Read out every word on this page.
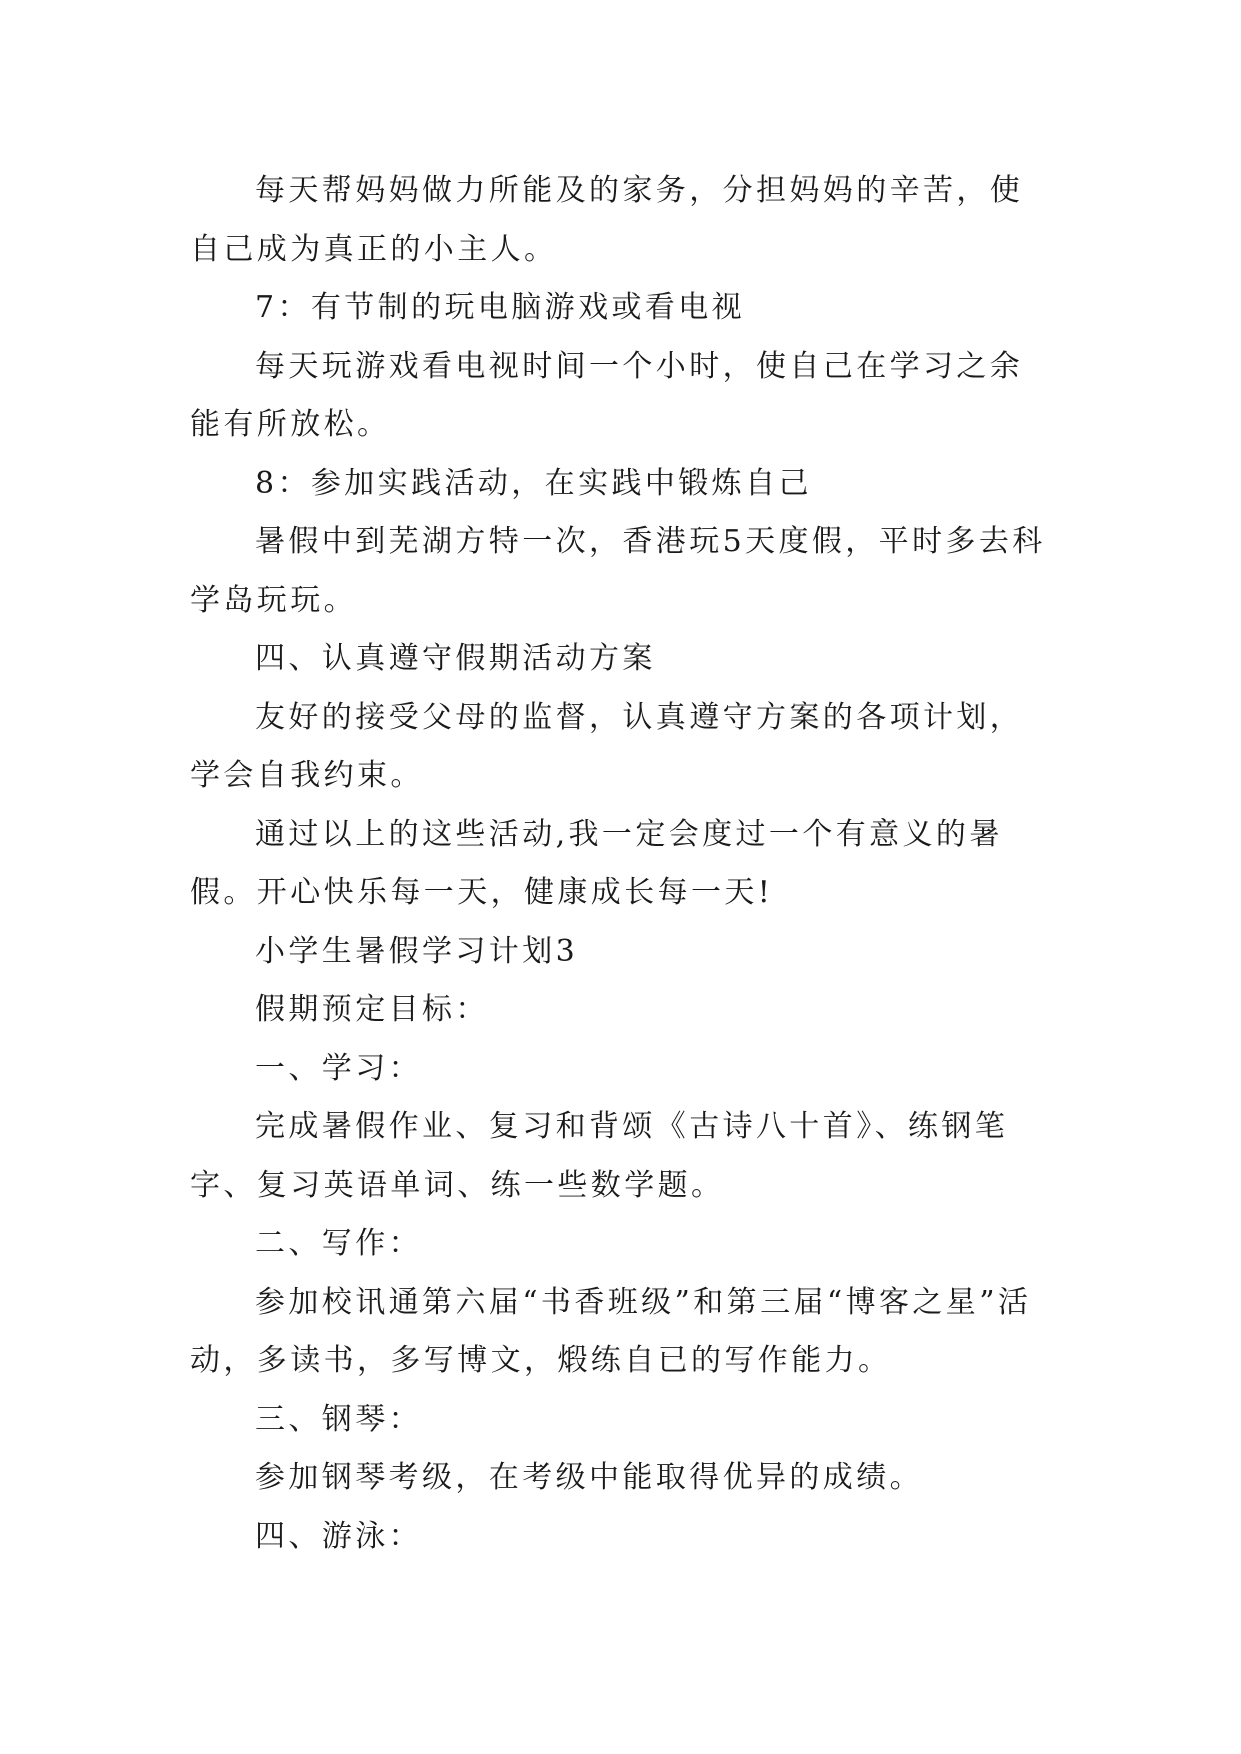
每天帮妈妈做力所能及的家务，分担妈妈的辛苦，使自己成为真正的小主人。

7：有节制的玩电脑游戏或看电视

每天玩游戏看电视时间一个小时，使自己在学习之余能有所放松。

8：参加实践活动，在实践中锻炼自己

暑假中到芜湖方特一次，香港玩5天度假，平时多去科学岛玩玩。

四、认真遵守假期活动方案

友好的接受父母的监督，认真遵守方案的各项计划，学会自我约束。

通过以上的这些活动,我一定会度过一个有意义的暑假。开心快乐每一天，健康成长每一天!

小学生暑假学习计划3

假期预定目标：

一、学习：

完成暑假作业、复习和背颂《古诗八十首》、练钢笔字、复习英语单词、练一些数学题。

二、写作：

参加校讯通第六届“书香班级”和第三届“博客之星”活动，多读书，多写博文，煅练自已的写作能力。

三、钢琴：

参加钢琴考级，在考级中能取得优异的成绩。

四、游泳：
